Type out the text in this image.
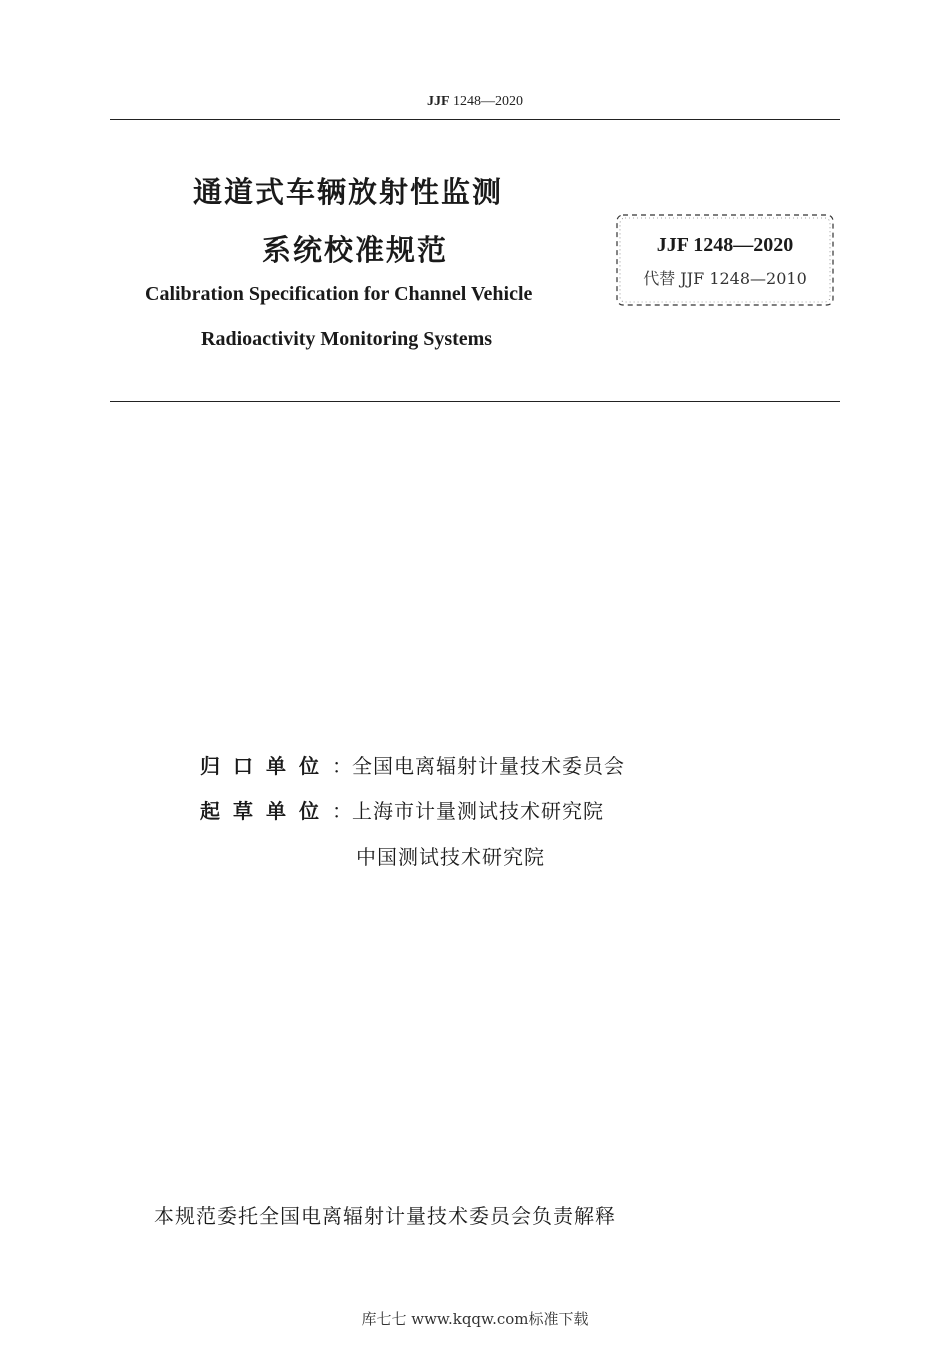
JJF 1248—2020
通道式车辆放射性监测
系统校准规范
Calibration Specification for Channel Vehicle
Radioactivity Monitoring Systems
JJF 1248—2020
代替 JJF 1248—2010
归口单位：全国电离辐射计量技术委员会
起草单位：上海市计量测试技术研究院
中国测试技术研究院
本规范委托全国电离辐射计量技术委员会负责解释
库七七 www.kqqw.com标准下载
